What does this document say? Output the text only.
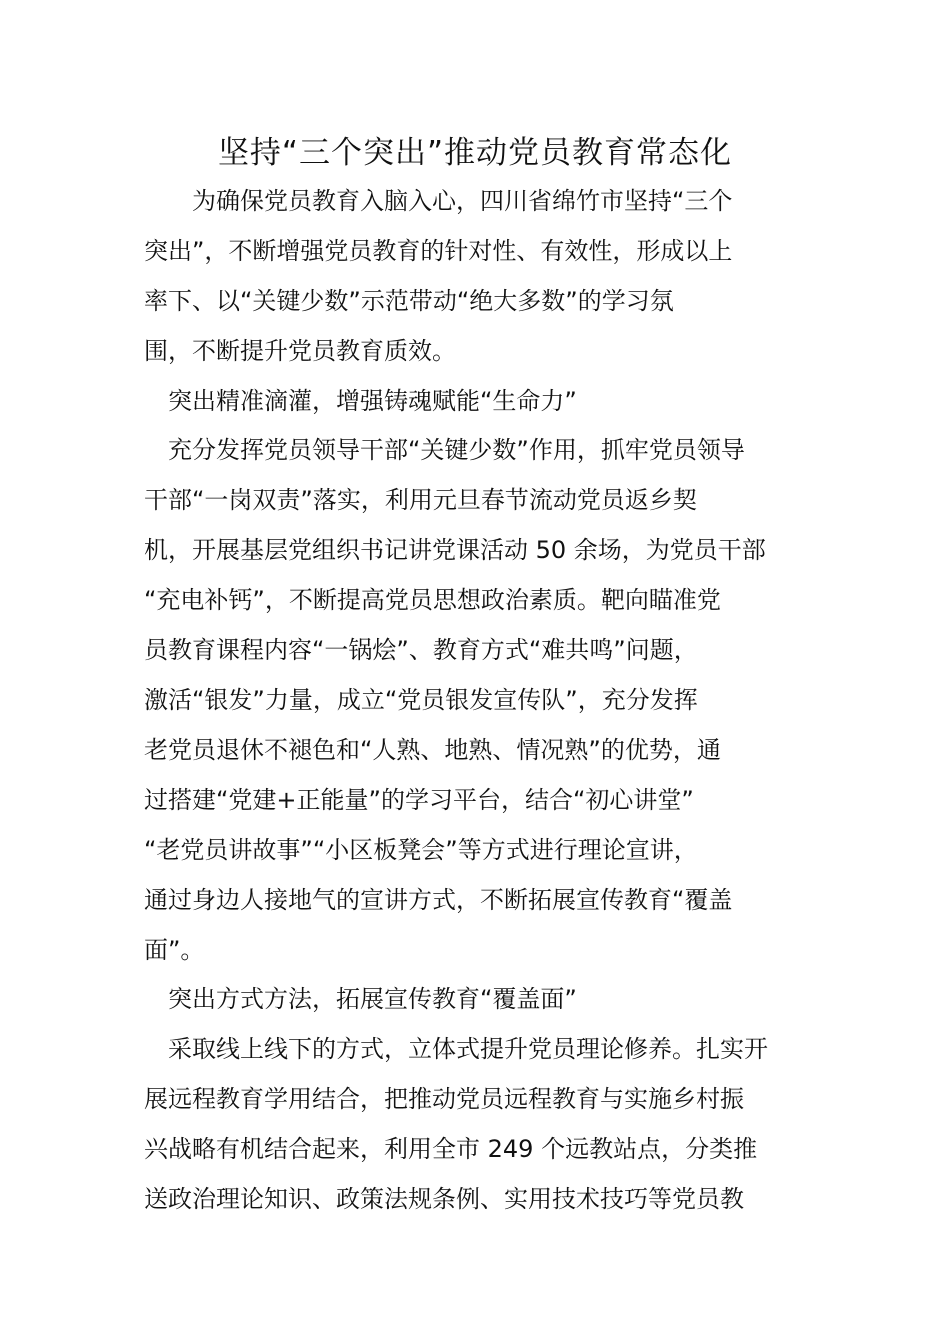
坚持“三个突出”推动党员教育常态化
　　为确保党员教育入脑入心，四川省绵竹市坚持“三个
突出”，不断增强党员教育的针对性、有效性，形成以上
率下、以“关键少数”示范带动“绝大多数”的学习氛
围，不断提升党员教育质效。
　突出精准滴灌，增强铸魂赋能“生命力”
　充分发挥党员领导干部“关键少数”作用，抓牢党员领导
干部“一岗双责”落实，利用元旦春节流动党员返乡契
机，开展基层党组织书记讲党课活动 50 余场，为党员干部
“充电补钙”，不断提高党员思想政治素质。靶向瞄准党
员教育课程内容“一锅烩”、教育方式“难共鸣”问题，
激活“银发”力量，成立“党员银发宣传队”，充分发挥
老党员退休不褪色和“人熟、地熟、情况熟”的优势，通
过搭建“党建+正能量”的学习平台，结合“初心讲堂”
“老党员讲故事”“小区板凳会”等方式进行理论宣讲，
通过身边人接地气的宣讲方式，不断拓展宣传教育“覆盖
面”。
　突出方式方法，拓展宣传教育“覆盖面”
　采取线上线下的方式，立体式提升党员理论修养。扎实开
展远程教育学用结合，把推动党员远程教育与实施乡村振
兴战略有机结合起来，利用全市 249 个远教站点，分类推
送政治理论知识、政策法规条例、实用技术技巧等党员教
